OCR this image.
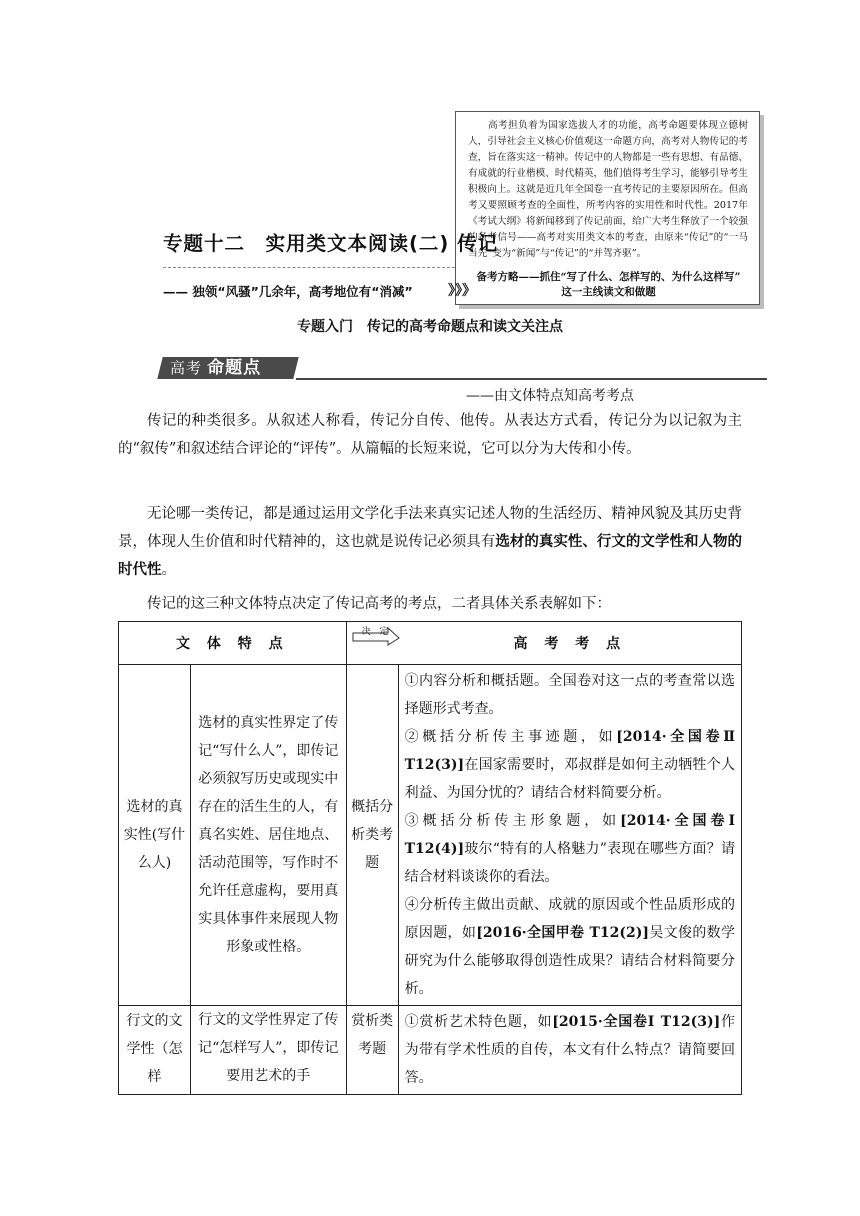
高考担负着为国家选拔人才的功能，高考命题要体现立德树人，引导社会主义核心价值观这一命题方向，高考对人物传记的考查，旨在落实这一精神。传记中的人物都是一些有思想、有品德、有成就的行业楷模、时代精英，他们值得考生学习，能够引导考生积极向上。这就是近几年全国卷一直考传记的主要原因所在。但高考又要照顾考查的全面性，所考内容的实用性和时代性。2017年《考试大纲》将新闻移到了传记前面，给广大考生释放了一个较强的备考信号——高考对实用类文本的考查，由原来“传记”的“一马当先”变为“新闻”与“传记”的“并驾齐驱”。
备考方略——抓住“写了什么、怎样写的、为什么这样写”
这一主线读文和做题
专题十二　实用类文本阅读(二) 传记
—— 独领“风骚”几余年，高考地位有“消减”	》》》
专题入门　传记的高考命题点和读文关注点
高考 命题点
——由文体特点知高考考点

传记的种类很多。从叙述人称看，传记分自传、他传。从表达方式看，传记分为以记叙为主的“叙传”和叙述结合评论的“评传”。从篇幅的长短来说，它可以分为大传和小传。

无论哪一类传记，都是通过运用文学化手法来真实记述人物的生活经历、精神风貌及其历史背景，体现人生价值和时代精神的，这也就是说传记必须具有选材的真实性、行文的文学性和人物的时代性。

传记的这三种文体特点决定了传记高考的考点，二者具体关系表解如下：

文 体 特 点		决 定
高 考 考 点	
选材的真实性(写什么人)	选材的真实性界定了传记“写什么人”，即传记必须叙写历史或现实中存在的活生生的人，有真名实姓、居住地点、活动范围等，写作时不允许任意虚构，要用真实具体事件来展现人物形象或性格。	概括分析类考题	①内容分析和概括题。全国卷对这一点的考查常以选择题形式考查。

②概括分析传主事迹题，如[2014·全国卷Ⅱ T12(3)]在国家需要时，邓叔群是如何主动牺牲个人利益、为国分忧的？请结合材料简要分析。

③概括分析传主形象题，如[2014·全国卷Ⅰ T12(4)]玻尔“特有的人格魅力”表现在哪些方面？请结合材料谈谈你的看法。

④分析传主做出贡献、成就的原因或个性品质形成的原因题，如[2016·全国甲卷 T12(2)]吴文俊的数学研究为什么能够取得创造性成果？请结合材料简要分析。

行文的文学性（怎样	行文的文学性界定了传记“怎样写人”，即传记要用艺术的手	赏析类考题	①赏析艺术特色题，如[2015·全国卷Ⅰ T12(3)]作为带有学术性质的自传，本文有什么特点？请简要回答。
